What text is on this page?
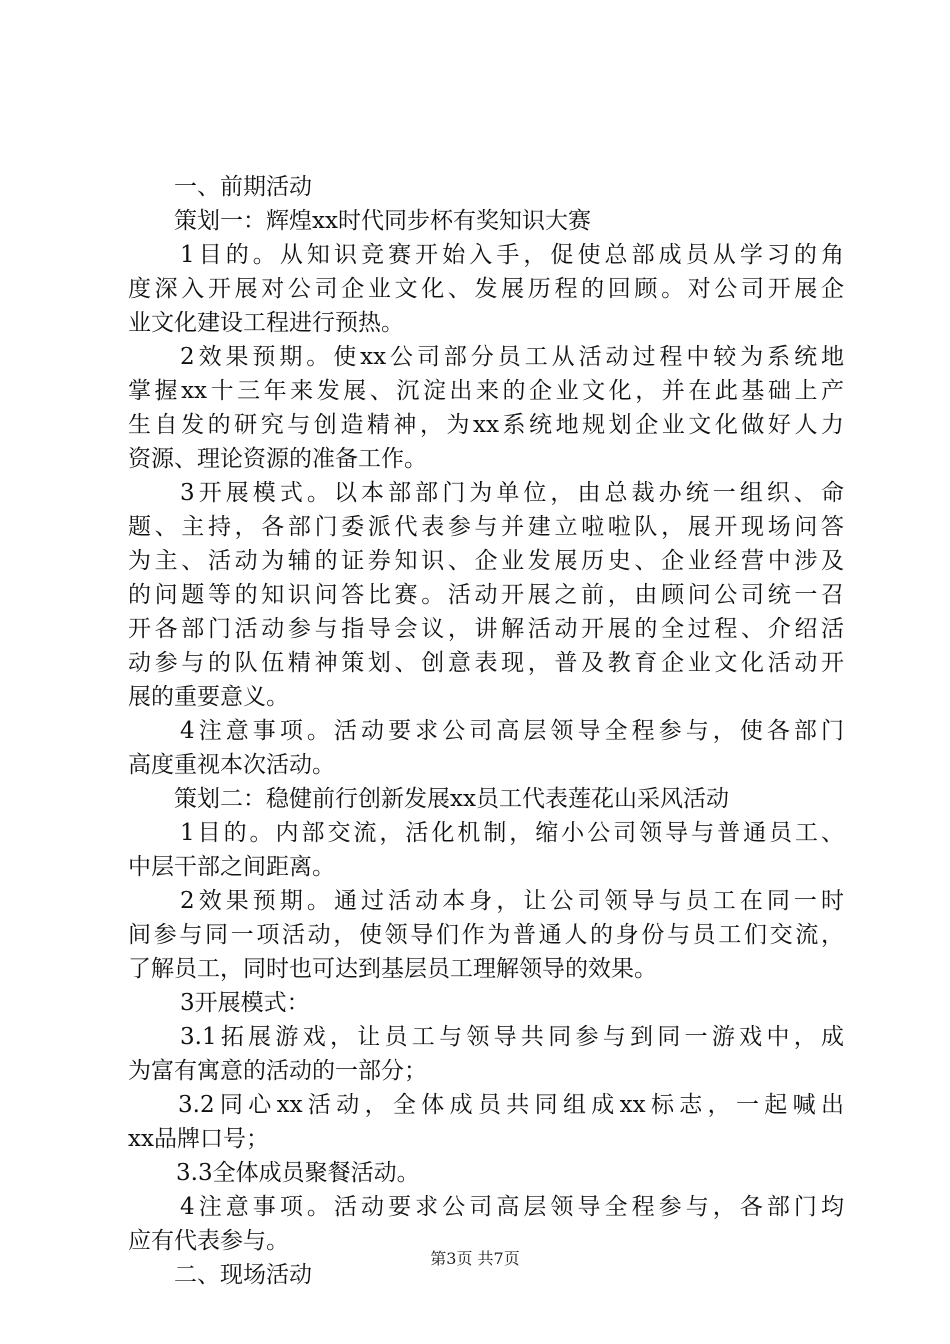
一、前期活动
策划一：辉煌xx时代同步杯有奖知识大赛
1目的。从知识竞赛开始入手，促使总部成员从学习的角
度深入开展对公司企业文化、发展历程的回顾。对公司开展企
业文化建设工程进行预热。
2效果预期。使xx公司部分员工从活动过程中较为系统地
掌握xx十三年来发展、沉淀出来的企业文化，并在此基础上产
生自发的研究与创造精神，为xx系统地规划企业文化做好人力
资源、理论资源的准备工作。
3开展模式。以本部部门为单位，由总裁办统一组织、命
题、主持，各部门委派代表参与并建立啦啦队，展开现场问答
为主、活动为辅的证券知识、企业发展历史、企业经营中涉及
的问题等的知识问答比赛。活动开展之前，由顾问公司统一召
开各部门活动参与指导会议，讲解活动开展的全过程、介绍活
动参与的队伍精神策划、创意表现，普及教育企业文化活动开
展的重要意义。
4注意事项。活动要求公司高层领导全程参与，使各部门
高度重视本次活动。
策划二：稳健前行创新发展xx员工代表莲花山采风活动
1目的。内部交流，活化机制，缩小公司领导与普通员工、
中层干部之间距离。
2效果预期。通过活动本身，让公司领导与员工在同一时
间参与同一项活动，使领导们作为普通人的身份与员工们交流，
了解员工，同时也可达到基层员工理解领导的效果。
3开展模式：
3.1拓展游戏，让员工与领导共同参与到同一游戏中，成
为富有寓意的活动的一部分；
3.2同心xx活动，全体成员共同组成xx标志，一起喊出
xx品牌口号；
3.3全体成员聚餐活动。
4注意事项。活动要求公司高层领导全程参与，各部门均
应有代表参与。
二、现场活动
第3页 共7页
